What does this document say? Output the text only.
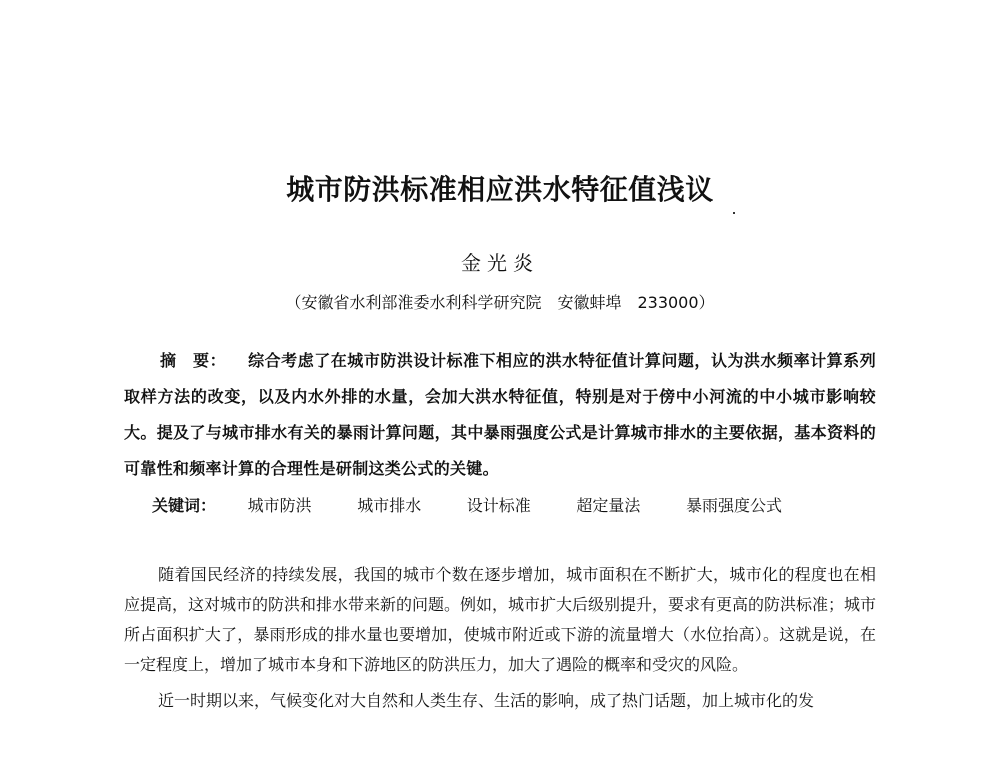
城市防洪标准相应洪水特征值浅议
金光炎
（安徽省水利部淮委水利科学研究院　安徽蚌埠　233000）
摘　要： 综合考虑了在城市防洪设计标准下相应的洪水特征值计算问题，认为洪水频率计算系列取样方法的改变，以及内水外排的水量，会加大洪水特征值，特别是对于傍中小河流的中小城市影响较大。提及了与城市排水有关的暴雨计算问题，其中暴雨强度公式是计算城市排水的主要依据，基本资料的可靠性和频率计算的合理性是研制这类公式的关键。
关键词： 城市防洪	城市排水	设计标准	超定量法	暴雨强度公式

随着国民经济的持续发展，我国的城市个数在逐步增加，城市面积在不断扩大，城市化的程度也在相应提高，这对城市的防洪和排水带来新的问题。例如，城市扩大后级别提升，要求有更高的防洪标准；城市所占面积扩大了，暴雨形成的排水量也要增加，使城市附近或下游的流量增大（水位抬高）。这就是说，在一定程度上，增加了城市本身和下游地区的防洪压力，加大了遇险的概率和受灾的风险。

近一时期以来，气候变化对大自然和人类生存、生活的影响，成了热门话题，加上城市化的发
